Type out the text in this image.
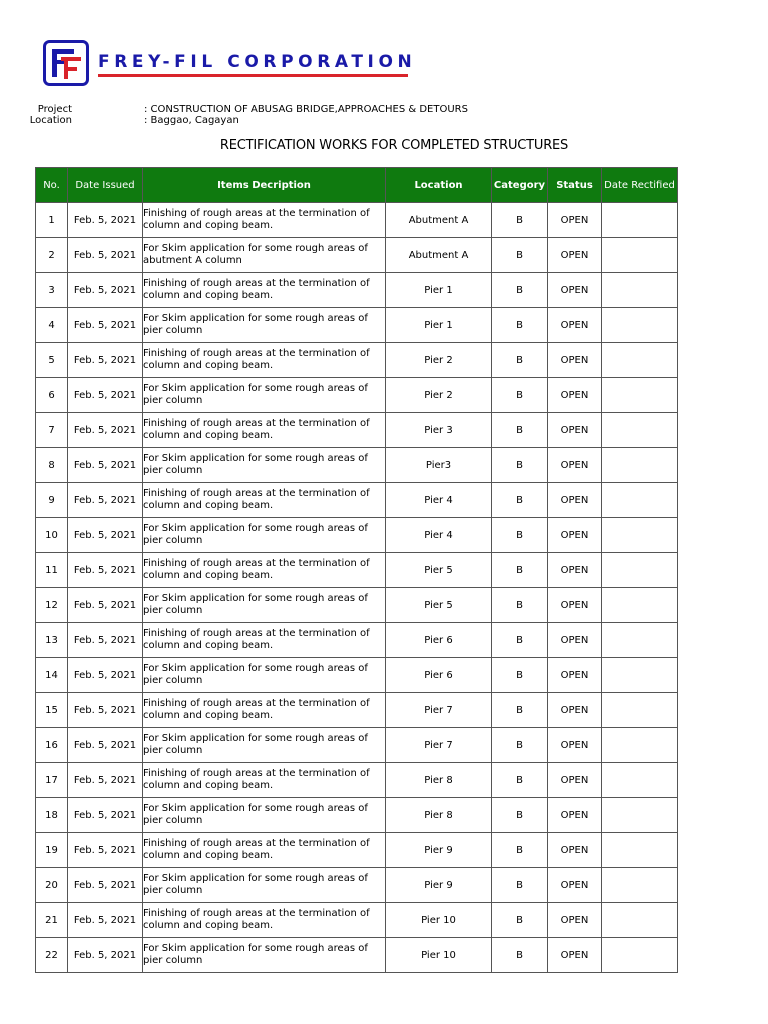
FREY-FIL CORPORATION
Project	: CONSTRUCTION OF ABUSAG BRIDGE,APPROACHES & DETOURS
Location	: Baggao, Cagayan
RECTIFICATION WORKS FOR COMPLETED STRUCTURES
No.	Date Issued	Items Decription	Location	Category	Status	Date Rectified
1	Feb. 5, 2021	Finishing of rough areas at the termination of
column and coping beam.	Abutment A	B	OPEN	
2	Feb. 5, 2021	For Skim application for some rough areas of
abutment A column	Abutment A	B	OPEN	
3	Feb. 5, 2021	Finishing of rough areas at the termination of
column and coping beam.	Pier 1	B	OPEN	
4	Feb. 5, 2021	For Skim application for some rough areas of
pier column	Pier 1	B	OPEN	
5	Feb. 5, 2021	Finishing of rough areas at the termination of
column and coping beam.	Pier 2	B	OPEN	
6	Feb. 5, 2021	For Skim application for some rough areas of
pier column	Pier 2	B	OPEN	
7	Feb. 5, 2021	Finishing of rough areas at the termination of
column and coping beam.	Pier 3	B	OPEN	
8	Feb. 5, 2021	For Skim application for some rough areas of
pier column	Pier3	B	OPEN	
9	Feb. 5, 2021	Finishing of rough areas at the termination of
column and coping beam.	Pier 4	B	OPEN	
10	Feb. 5, 2021	For Skim application for some rough areas of
pier column	Pier 4	B	OPEN	
11	Feb. 5, 2021	Finishing of rough areas at the termination of
column and coping beam.	Pier 5	B	OPEN	
12	Feb. 5, 2021	For Skim application for some rough areas of
pier column	Pier 5	B	OPEN	
13	Feb. 5, 2021	Finishing of rough areas at the termination of
column and coping beam.	Pier 6	B	OPEN	
14	Feb. 5, 2021	For Skim application for some rough areas of
pier column	Pier 6	B	OPEN	
15	Feb. 5, 2021	Finishing of rough areas at the termination of
column and coping beam.	Pier 7	B	OPEN	
16	Feb. 5, 2021	For Skim application for some rough areas of
pier column	Pier 7	B	OPEN	
17	Feb. 5, 2021	Finishing of rough areas at the termination of
column and coping beam.	Pier 8	B	OPEN	
18	Feb. 5, 2021	For Skim application for some rough areas of
pier column	Pier 8	B	OPEN	
19	Feb. 5, 2021	Finishing of rough areas at the termination of
column and coping beam.	Pier 9	B	OPEN	
20	Feb. 5, 2021	For Skim application for some rough areas of
pier column	Pier 9	B	OPEN	
21	Feb. 5, 2021	Finishing of rough areas at the termination of
column and coping beam.	Pier 10	B	OPEN	
22	Feb. 5, 2021	For Skim application for some rough areas of
pier column	Pier 10	B	OPEN	
